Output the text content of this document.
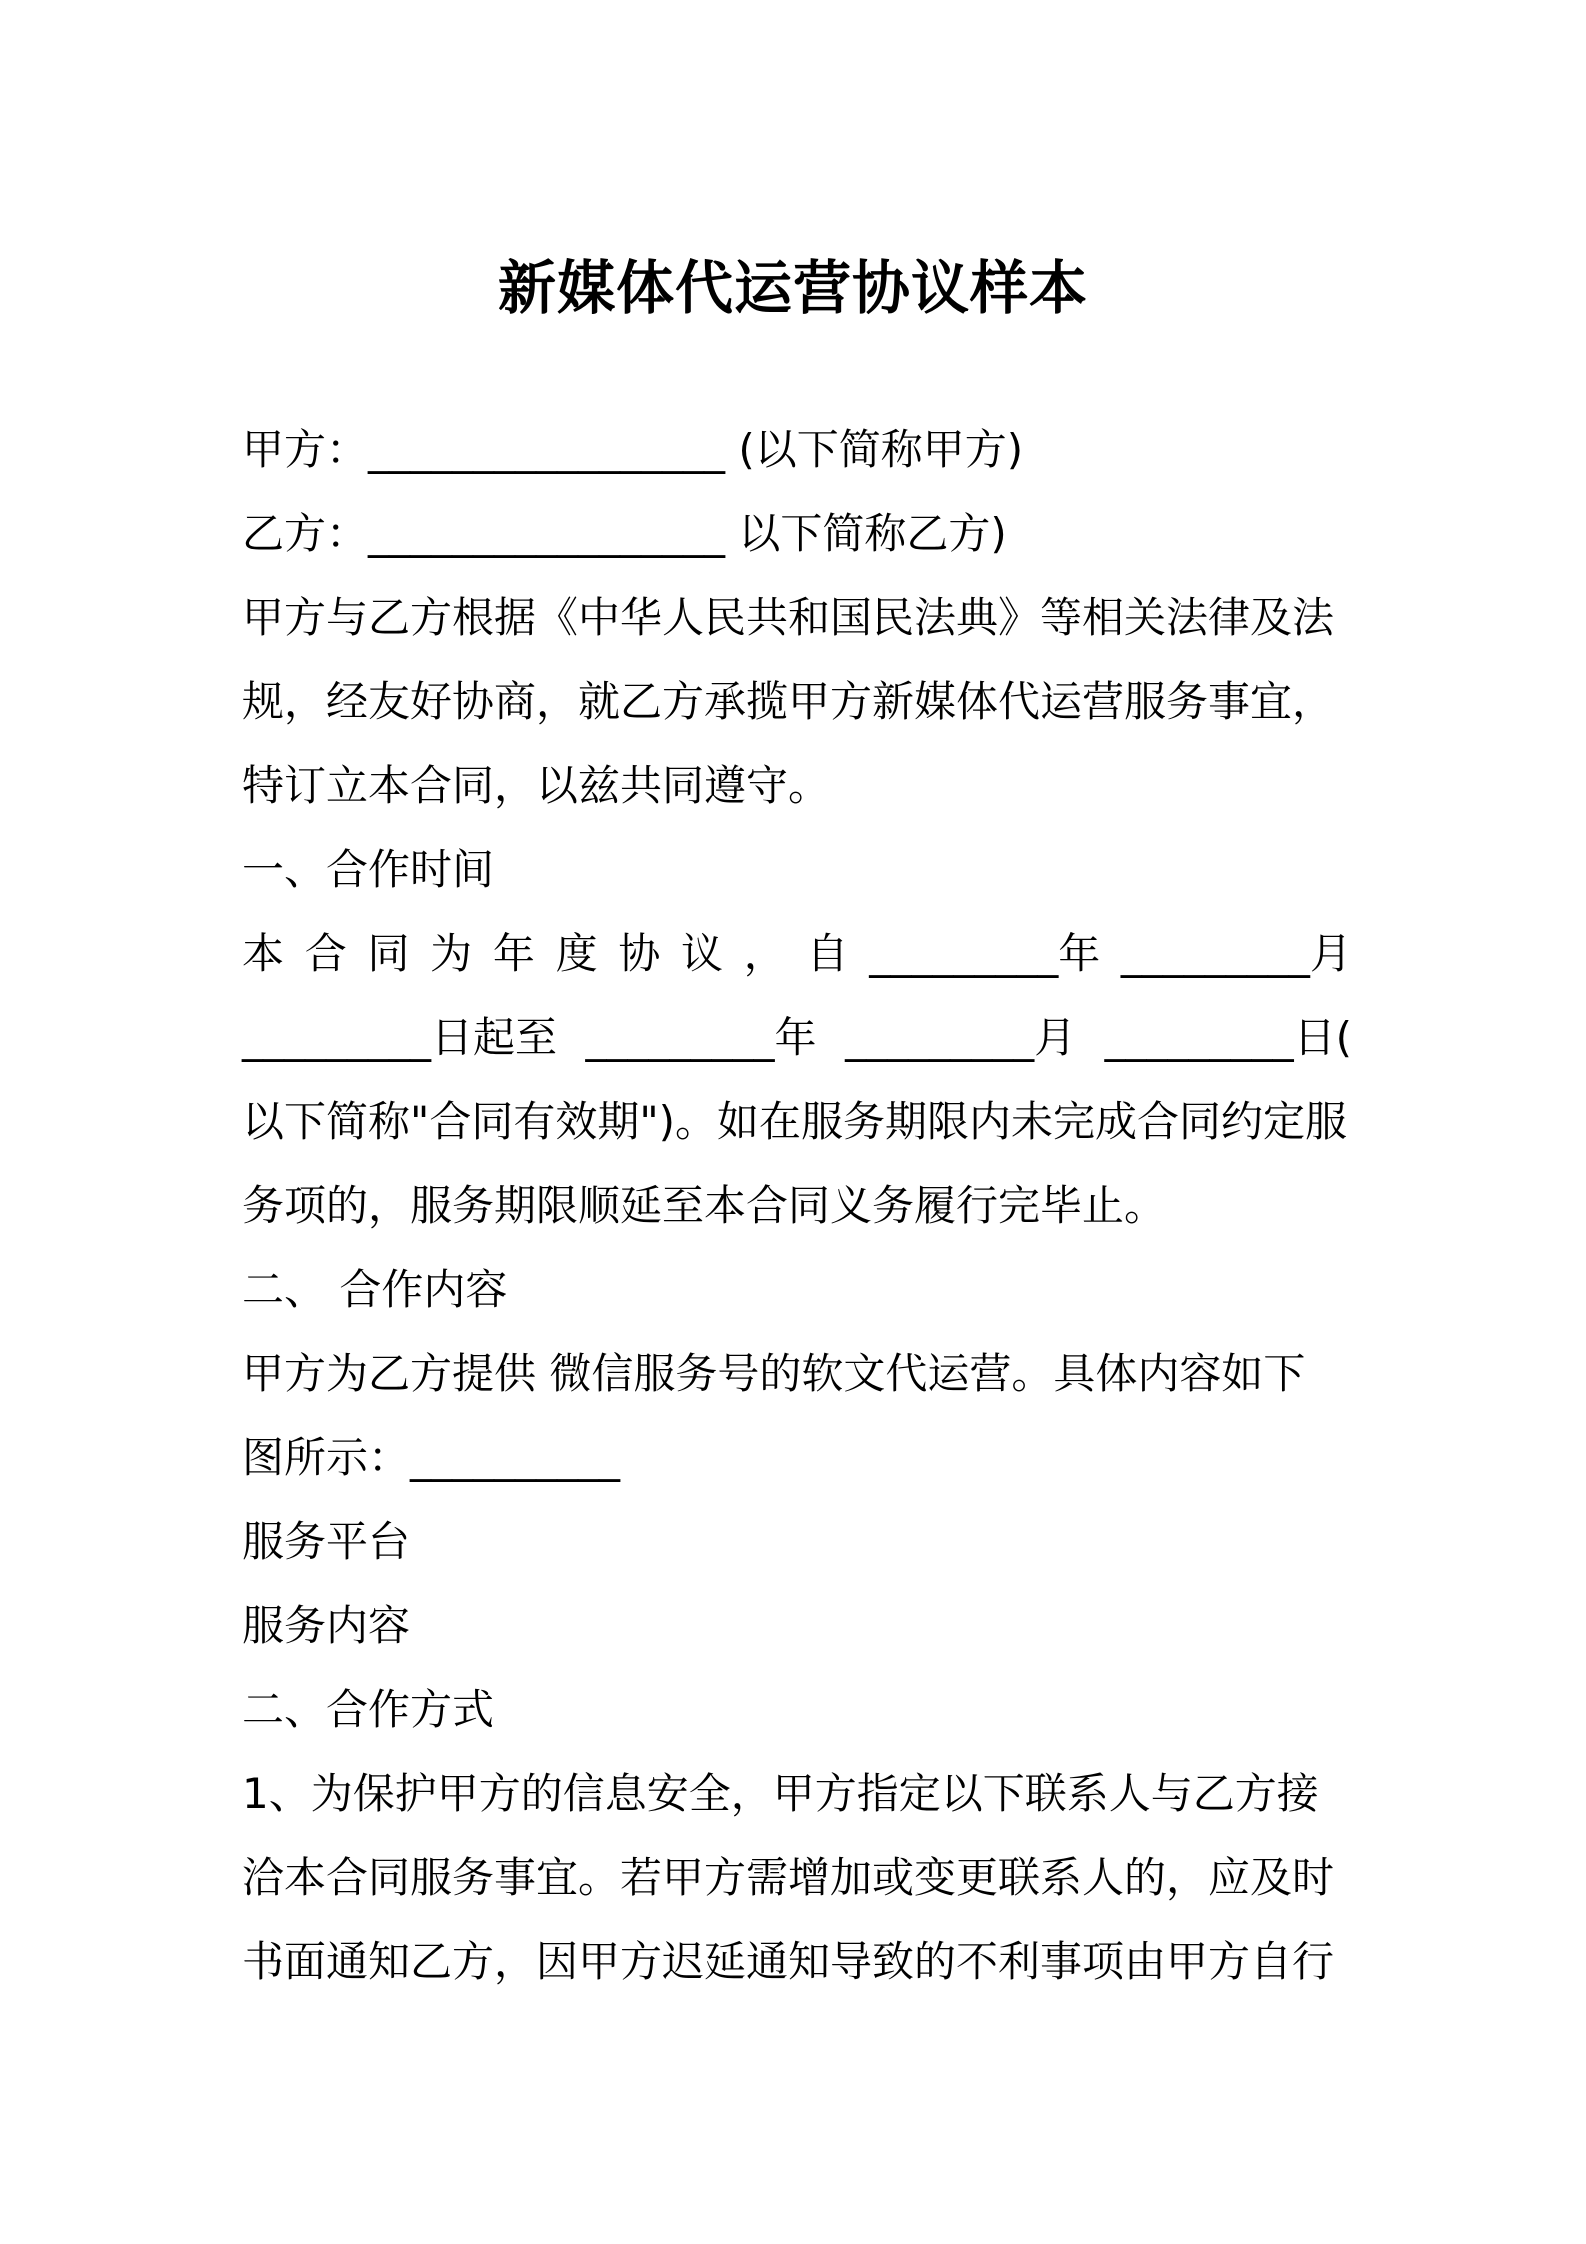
新媒体代运营协议样本
甲方：_________________ (以下简称甲方)
乙方：_________________ 以下简称乙方)
甲方与乙方根据《中华人民共和国民法典》等相关法律及法
规，经友好协商，就乙方承揽甲方新媒体代运营服务事宜，
特订立本合同，以兹共同遵守。
一、合作时间
本 合 同 为 年 度 协 议 ， 自 _________年 _________月
_________日起至 _________年 _________月 _________日(
以下简称"合同有效期")。如在服务期限内未完成合同约定服
务项的，服务期限顺延至本合同义务履行完毕止。
二、 合作内容
甲方为乙方提供 微信服务号的软文代运营。具体内容如下
图所示：__________
服务平台
服务内容
二、合作方式
1、为保护甲方的信息安全，甲方指定以下联系人与乙方接
洽本合同服务事宜。若甲方需增加或变更联系人的，应及时
书面通知乙方，因甲方迟延通知导致的不利事项由甲方自行
